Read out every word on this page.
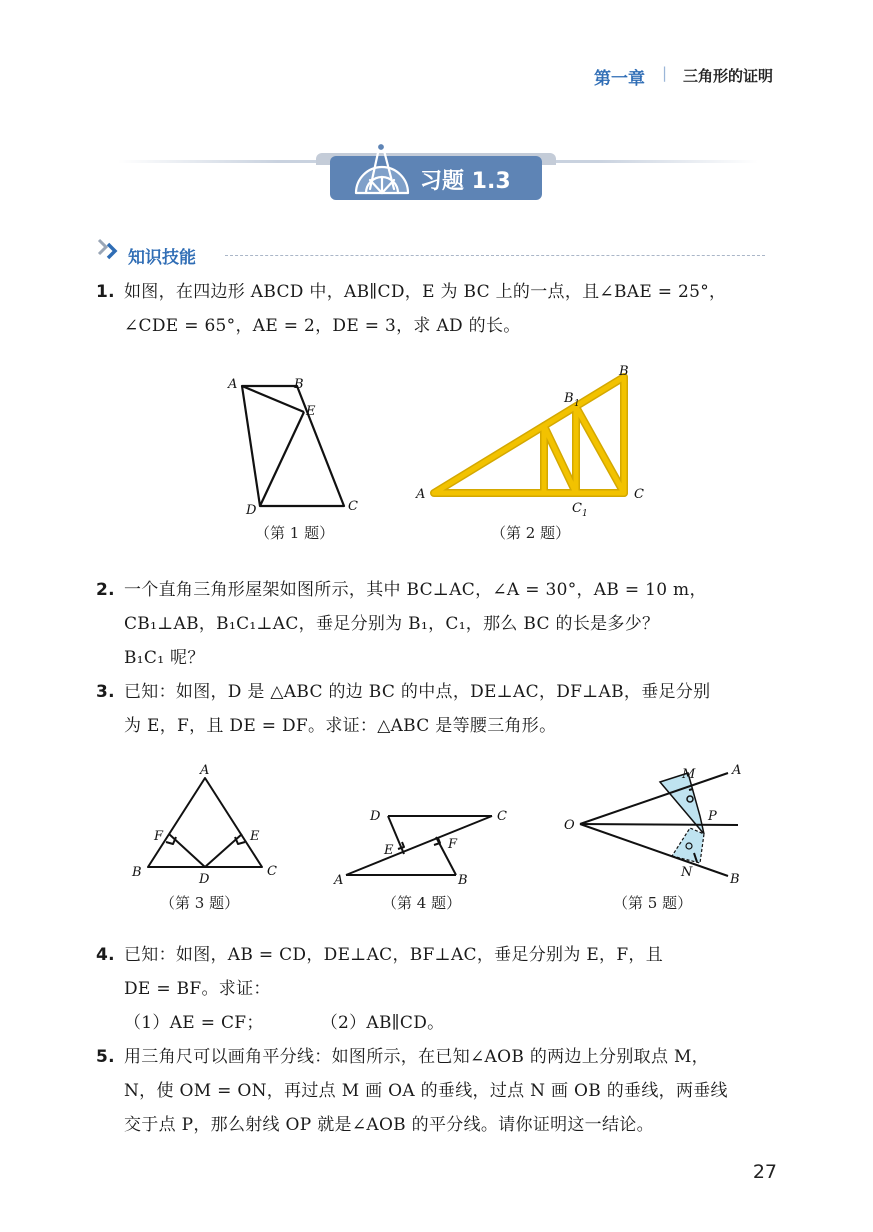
第一章 | 三角形的证明
习题 1.3
知识技能
1. 如图，在四边形 ABCD 中，AB∥CD，E 为 BC 上的一点，且∠BAE = 25°，
∠CDE = 65°，AE = 2，DE = 3，求 AD 的长。
A	B
E
D	C
（第 1 题）
A
B
C
B 1
C 1
（第 2 题）
2. 一个直角三角形屋架如图所示，其中 BC⊥AC，∠A = 30°，AB = 10 m，
CB₁⊥AB，B₁C₁⊥AC，垂足分别为 B₁，C₁，那么 BC 的长是多少？
B₁C₁ 呢？
3. 已知：如图，D 是 △ABC 的边 BC 的中点，DE⊥AC，DF⊥AB，垂足分别
为 E，F，且 DE = DF。求证：△ABC 是等腰三角形。
A
B	C
D
E
F
（第 3 题）
D	C
A	B
E	F
（第 4 题）
O
A
B
M
N
P
（第 5 题）
4. 已知：如图，AB = CD，DE⊥AC，BF⊥AC，垂足分别为 E，F，且
DE = BF。求证：
（1）AE = CF；          （2）AB∥CD。
5. 用三角尺可以画角平分线：如图所示，在已知∠AOB 的两边上分别取点 M，
N，使 OM = ON，再过点 M 画 OA 的垂线，过点 N 画 OB 的垂线，两垂线
交于点 P，那么射线 OP 就是∠AOB 的平分线。请你证明这一结论。
27
